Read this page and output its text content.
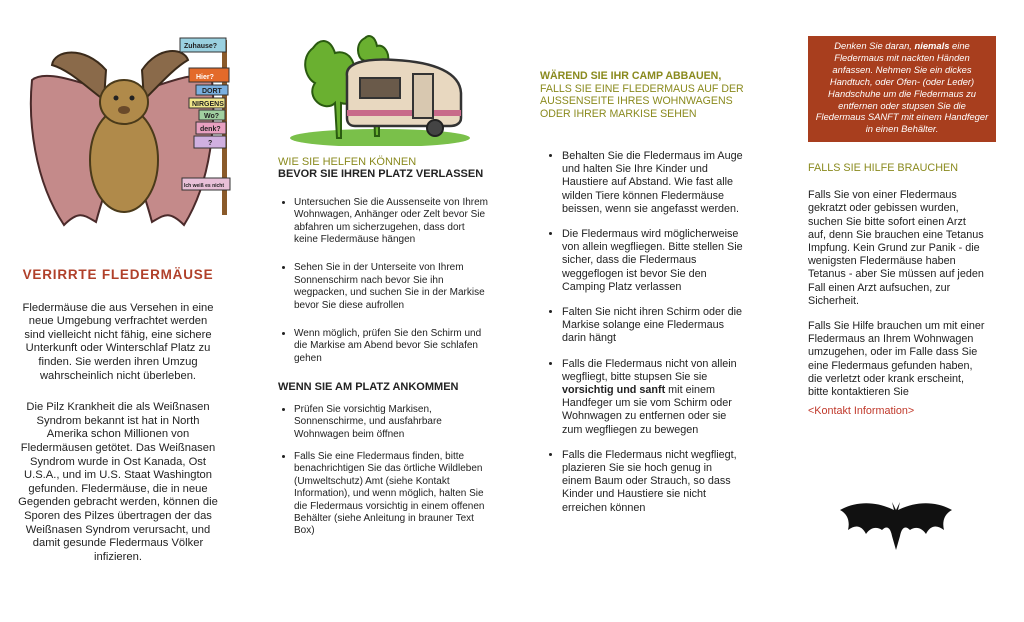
Zuhause?
Hier?
DORT
NIRGENS
Wo?
denk?
?
Ich weiß es nicht
VERIRRTE FLEDERMÄUSE

Fledermäuse die aus Versehen in eine neue Umgebung verfrachtet werden sind vielleicht nicht fähig, eine sichere Unterkunft oder Winterschlaf Platz zu finden. Sie werden ihren Umzug wahrscheinlich nicht überleben.

Die Pilz Krankheit die als Weißnasen Syndrom bekannt ist hat in North Amerika schon Millionen von Fledermäusen getötet. Das Weißnasen Syndrom wurde in Ost Kanada, Ost U.S.A., und im U.S. Staat Washington gefunden. Fledermäuse, die in neue Gegenden gebracht werden, können die Sporen des Pilzes übertragen der das Weißnasen Syndrom verursacht, und damit gesunde Fledermaus Völker infizieren.

WIE SIE HELFEN KÖNNEN
BEVOR SIE IHREN PLATZ VERLASSEN
• Untersuchen Sie die Aussenseite von Ihrem Wohnwagen, Anhänger oder Zelt bevor Sie abfahren um sicherzugehen, dass dort keine Fledermäuse hängen
• Sehen Sie in der Unterseite von Ihrem Sonnenschirm nach bevor Sie ihn wegpacken, und suchen Sie in der Markise bevor Sie diese aufrollen
• Wenn möglich, prüfen Sie den Schirm und die Markise am Abend bevor Sie schlafen gehen
WENN SIE AM PLATZ ANKOMMEN
• Prüfen Sie vorsichtig Markisen, Sonnenschirme, und ausfahrbare Wohnwagen beim öffnen
• Falls Sie eine Fledermaus finden, bitte benachrichtigen Sie das örtliche Wildleben (Umweltschutz) Amt (siehe Kontakt Information), und wenn möglich, halten Sie die Fledermaus vorsichtig in einem offenen Behälter (siehe Anleitung in brauner Text Box)
WÄREND SIE IHR CAMP ABBAUEN,
FALLS SIE EINE FLEDERMAUS AUF DER AUSSENSEITE IHRES WOHNWAGENS ODER IHRER MARKISE SEHEN
• Behalten Sie die Fledermaus im Auge und halten Sie Ihre Kinder und Haustiere auf Abstand. Wie fast alle wilden Tiere können Fledermäuse beissen, wenn sie angefasst werden.
• Die Fledermaus wird möglicherweise von allein wegfliegen. Bitte stellen Sie sicher, dass die Fledermaus weggeflogen ist bevor Sie den Camping Platz verlassen
• Falten Sie nicht ihren Schirm oder die Markise solange eine Fledermaus darin hängt
• Falls die Fledermaus nicht von allein wegfliegt, bitte stupsen Sie sie vorsichtig und sanft mit einem Handfeger um sie vom Schirm oder Wohnwagen zu entfernen oder sie zum wegfliegen zu bewegen
• Falls die Fledermaus nicht wegfliegt, plazieren Sie sie hoch genug in einem Baum oder Strauch, so dass Kinder und Haustiere sie nicht erreichen können
Denken Sie daran, niemals eine Fledermaus mit nackten Händen anfassen. Nehmen Sie ein dickes Handtuch, oder Ofen- (oder Leder) Handschuhe um die Fledermaus zu entfernen oder stupsen Sie die Fledermaus SANFT mit einem Handfeger in einen Behälter.
FALLS SIE HILFE BRAUCHEN

Falls Sie von einer Fledermaus gekratzt oder gebissen wurden, suchen Sie bitte sofort einen Arzt auf, denn Sie brauchen eine Tetanus Impfung. Kein Grund zur Panik - die wenigsten Fledermäuse haben Tetanus - aber Sie müssen auf jeden Fall einen Arzt aufsuchen, zur Sicherheit.

Falls Sie Hilfe brauchen um mit einer Fledermaus an Ihrem Wohnwagen umzugehen, oder im Falle dass Sie eine Fledermaus gefunden haben, die verletzt oder krank erscheint, bitte kontaktieren Sie

<Kontakt Information>
